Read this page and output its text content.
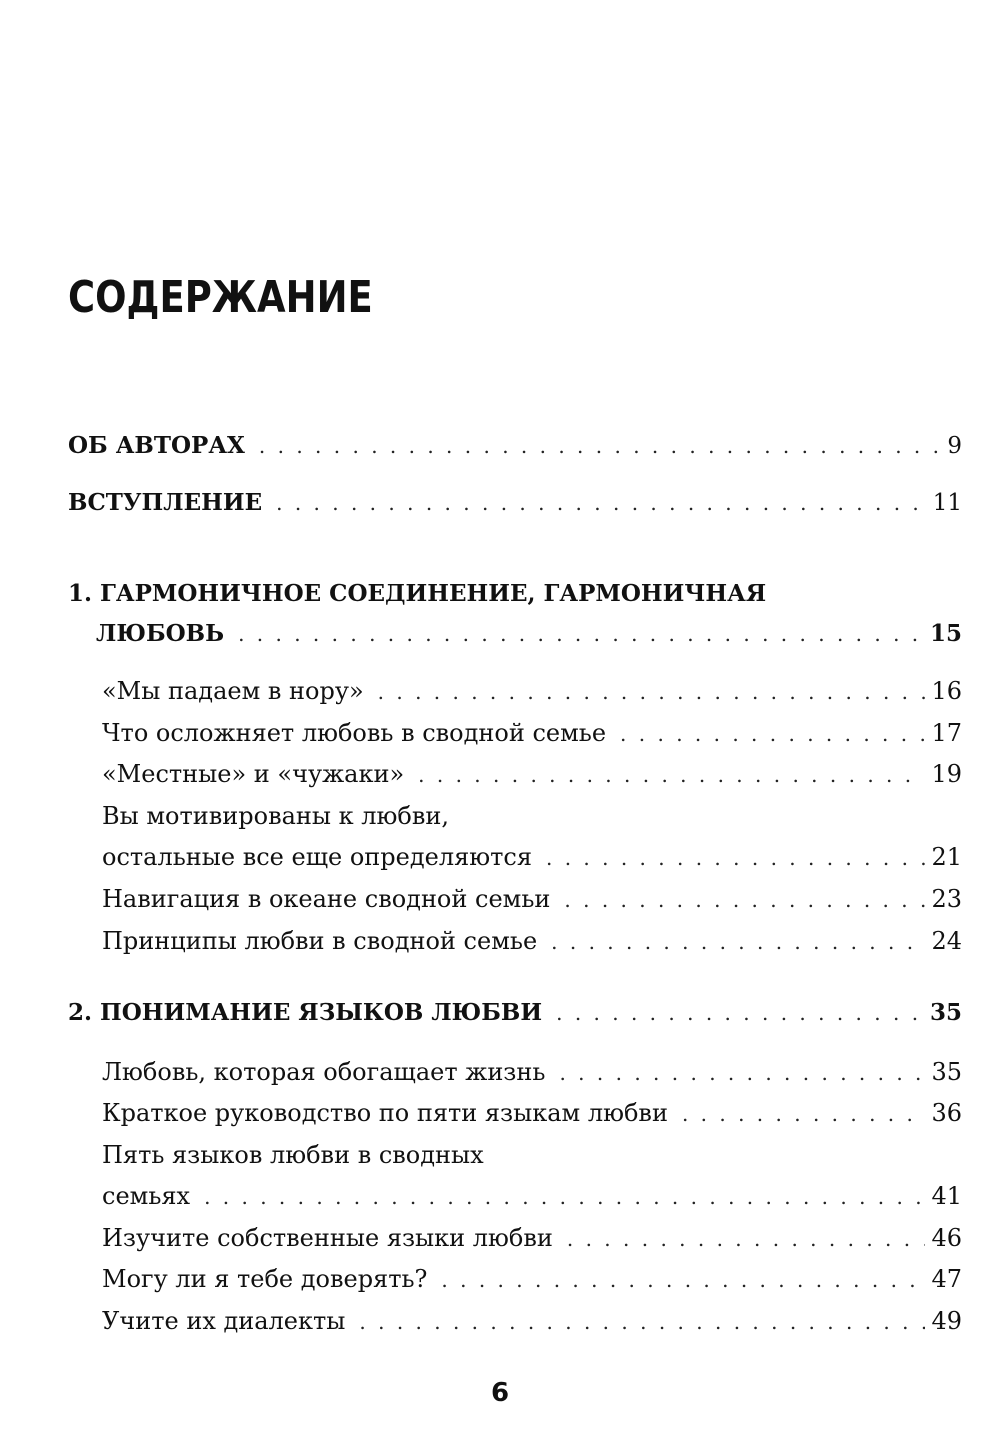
СОДЕРЖАНИЕ
ОБ АВТОРАХ . . .	9
ВСТУПЛЕНИЕ . . .	11
1. ГАРМОНИЧНОЕ СОЕДИНЕНИЕ, ГАРМОНИЧНАЯ
ЛЮБОВЬ . . .	15
«Мы падаем в нору» . . .	16
Что осложняет любовь в сводной семье . . .	17
«Местные» и «чужаки» . . .	19
Вы мотивированы к любви,
остальные все еще определяются . . .	21
Навигация в океане сводной семьи . . .	23
Принципы любви в сводной семье . . .	24
2. ПОНИМАНИЕ ЯЗЫКОВ ЛЮБВИ . . .	35
Любовь, которая обогащает жизнь . . .	35
Краткое руководство по пяти языкам любви . . .	36
Пять языков любви в сводных
семьях . . .	41
Изучите собственные языки любви . . .	46
Могу ли я тебе доверять? . . .	47
Учите их диалекты . . .	49
6
